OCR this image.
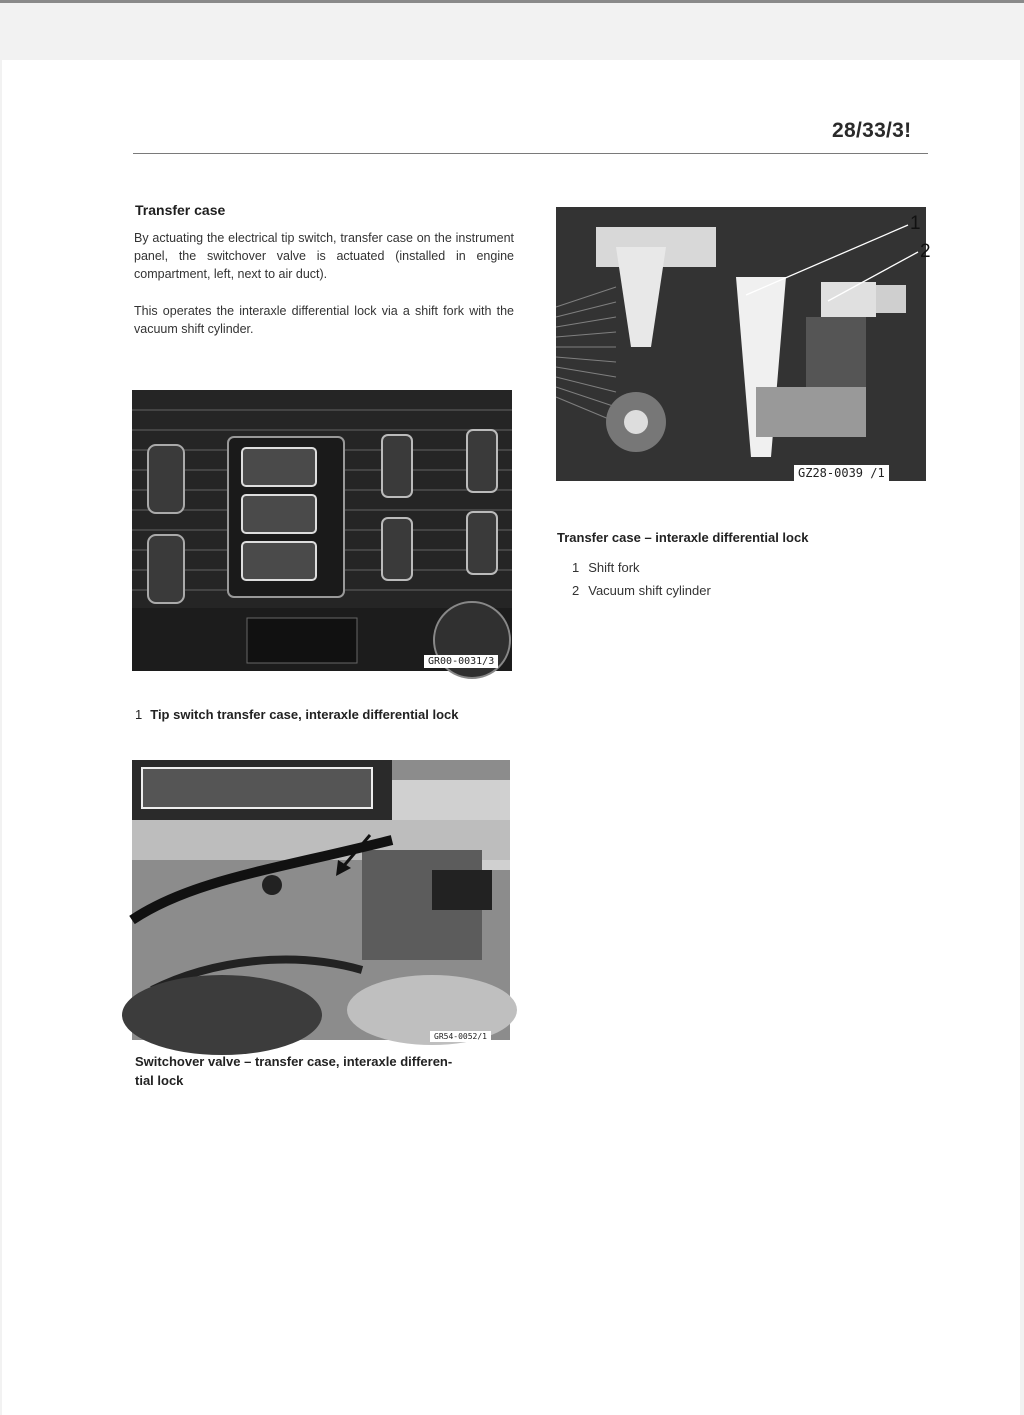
28/33/3!
Transfer case

By actuating the electrical tip switch, transfer case on the instrument panel, the switchover valve is actuated (installed in engine compartment, left, next to air duct).

This operates the interaxle differential lock via a shift fork with the vacuum shift cylinder.

1
2
GZ28-0039 /1

Transfer case – interaxle differential lock

1 Shift fork
2 Vacuum shift cylinder
GR00-0031/3

1 Tip switch transfer case, interaxle differential lock

GR54-0052/1

Switchover valve – transfer case, interaxle differen-

tial lock
